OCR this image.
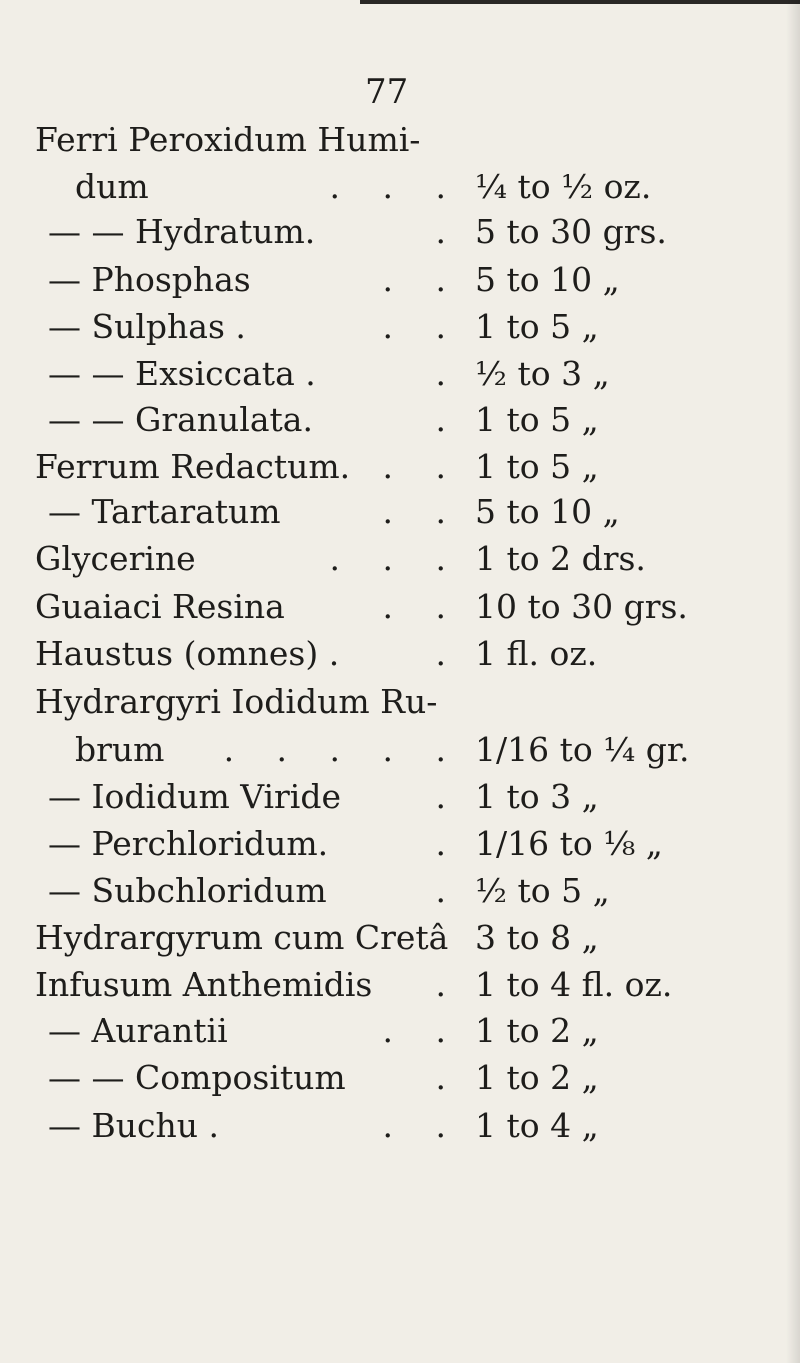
77
Ferri Peroxidum Humi-
dum	. . . ¼ to ½ oz.
— — Hydratum.	. 5 to 30 grs.
— Phosphas	. . 5 to 10 „
— Sulphas .	. . 1 to 5 „
— — Exsiccata .	. ½ to 3 „
— — Granulata.	. 1 to 5 „
Ferrum Redactum. . . 1 to 5 „
— Tartaratum	. . 5 to 10 „
Glycerine	. . . 1 to 2 drs.
Guaiaci Resina	. . 10 to 30 grs.
Haustus (omnes) .	. 1 fl. oz.
Hydrargyri Iodidum Ru-
brum . . . . . 1/16 to ¼ gr.
— Iodidum Viride	. 1 to 3 „
— Perchloridum.	. 1/16 to ⅛ „
— Subchloridum	. ½ to 5 „
Hydrargyrum cum Cretâ 3 to 8 „
Infusum Anthemidis . 1 to 4 fl. oz.
— Aurantii	. . 1 to 2 „
— — Compositum	. 1 to 2 „
— Buchu .	. . 1 to 4 „
